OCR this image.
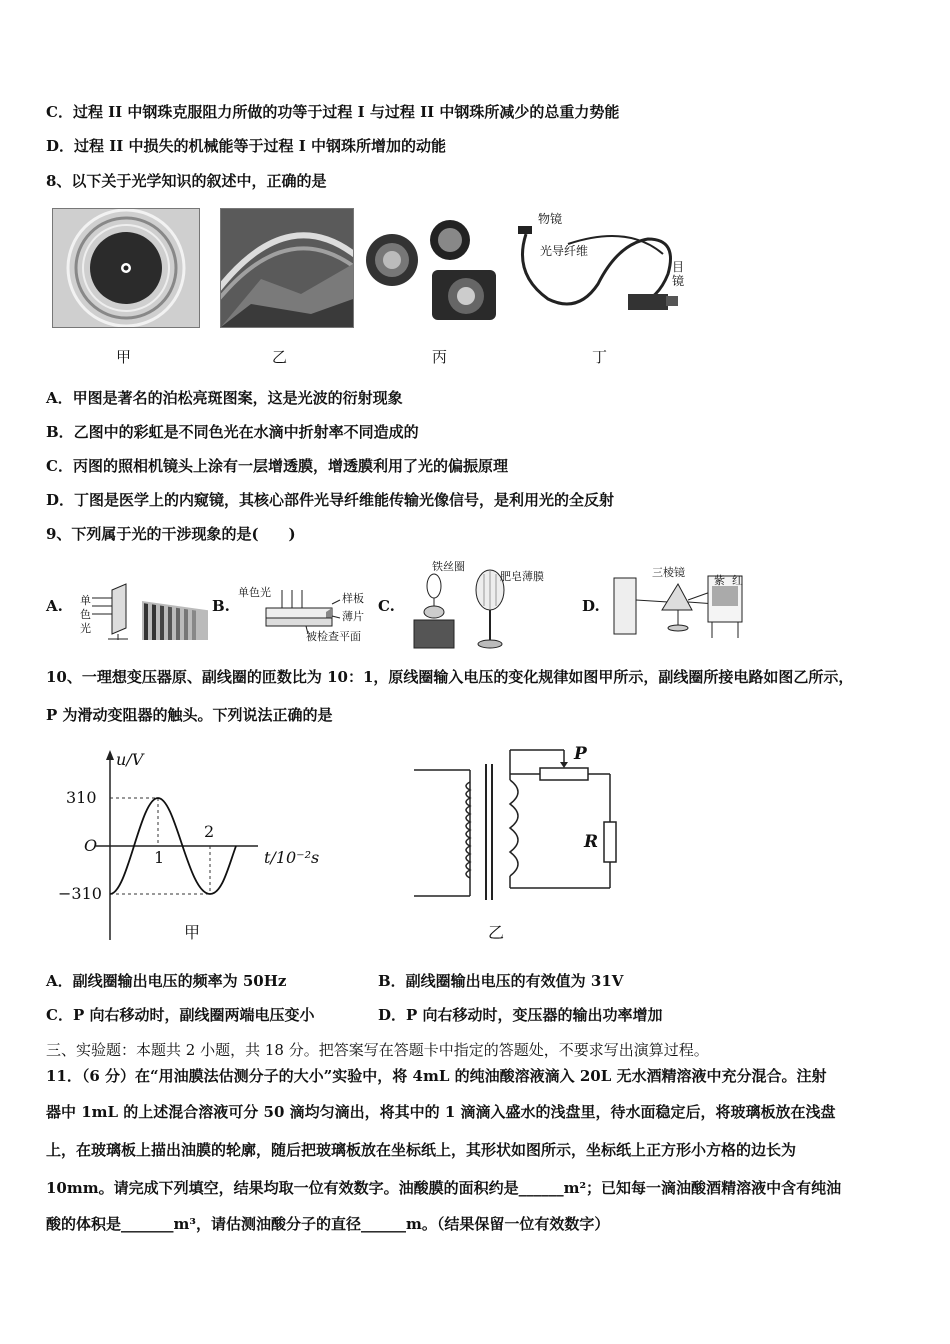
C．过程 II 中钢珠克服阻力所做的功等于过程 I 与过程 II 中钢珠所减少的总重力势能
D．过程 II 中损失的机械能等于过程 I 中钢珠所增加的动能
8、以下关于光学知识的叙述中，正确的是
甲	乙	丙
物镜
光导纤维
目镜
丁
A．甲图是著名的泊松亮斑图案，这是光波的衍射现象
B．乙图中的彩虹是不同色光在水滴中折射率不同造成的
C．丙图的照相机镜头上涂有一层增透膜，增透膜利用了光的偏振原理
D．丁图是医学上的内窥镜，其核心部件光导纤维能传输光像信号，是利用光的全反射
9、下列属于光的干涉现象的是(　　)
A. 单
色
光
B.
单色光	样板
薄片
被检查平面
C.
铁丝圈
肥皂薄膜
D.
三棱镜
紫 红
10、一理想变压器原、副线圈的匝数比为 10：1，原线圈输入电压的变化规律如图甲所示，副线圈所接电路如图乙所示，
P 为滑动变阻器的触头。下列说法正确的是
u/V
310
O
−310
1
2
t/10⁻²s
甲
P
R
乙
A．副线圈输出电压的频率为 50Hz	B．副线圈输出电压的有效值为 31V
C．P 向右移动时，副线圈两端电压变小	D．P 向右移动时，变压器的输出功率增加
三、实验题：本题共 2 小题，共 18 分。把答案写在答题卡中指定的答题处，不要求写出演算过程。
11．（6 分）在“用油膜法估测分子的大小”实验中，将 4mL 的纯油酸溶液滴入 20L 无水酒精溶液中充分混合。注射
器中 1mL 的上述混合溶液可分 50 滴均匀滴出，将其中的 1 滴滴入盛水的浅盘里，待水面稳定后，将玻璃板放在浅盘
上，在玻璃板上描出油膜的轮廓，随后把玻璃板放在坐标纸上，其形状如图所示，坐标纸上正方形小方格的边长为
10mm。请完成下列填空，结果均取一位有效数字。油酸膜的面积约是______m²；已知每一滴油酸酒精溶液中含有纯油
酸的体积是_______m³，请估测油酸分子的直径______m。（结果保留一位有效数字）
